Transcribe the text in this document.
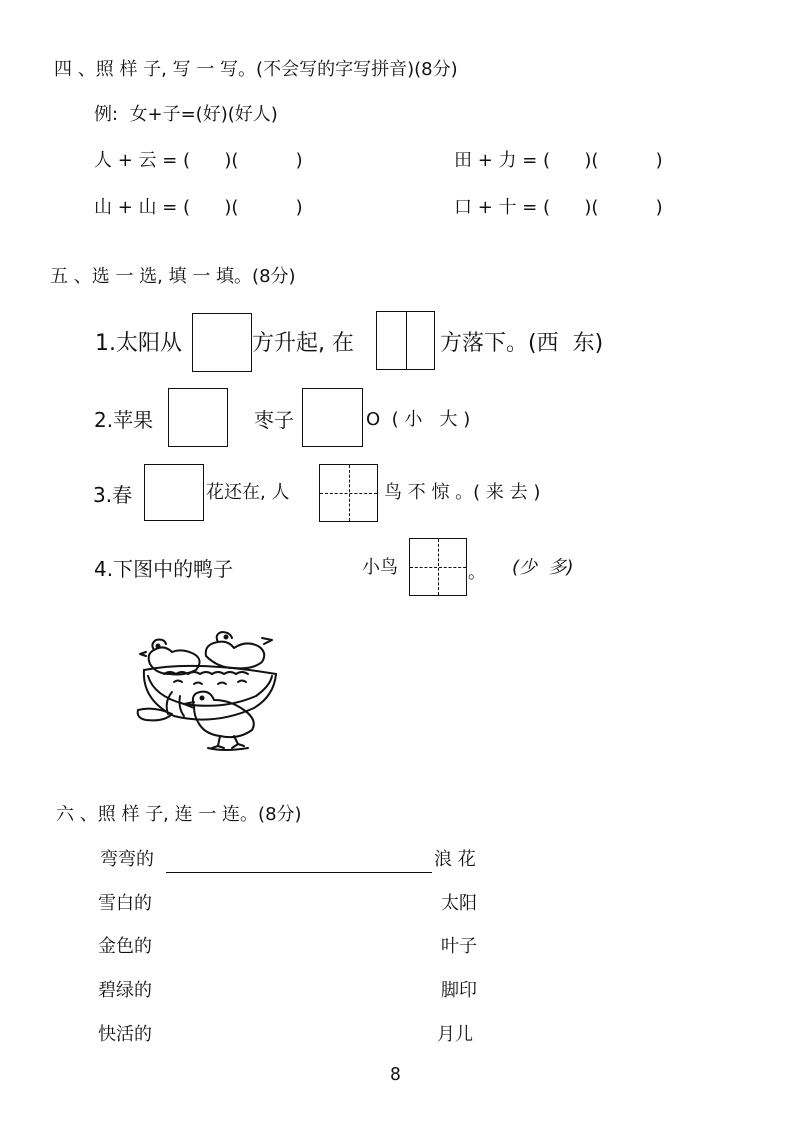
四 、照 样 子, 写 一 写。(不会写的字写拼音)(8分)
例:  女+子=(好)(好人)
人 + 云 = (      )(          )	田 + 力 = (      )(          )
山 + 山 = (      )(          )	口 + 十 = (      )(          )
五 、选 一 选, 填 一 填。(8分)
1.太阳从	方升起, 在	方落下。(西  东)
2.苹果	枣子	O  ( 小   大 )
3.春	花还在, 人	鸟 不 惊 。( 来 去 )
4.下图中的鸭子	小鸟	。 (少  多)
六 、照 样 子, 连 一 连。(8分)
弯弯的	浪 花
雪白的	太阳
金色的	叶子
碧绿的	脚印
快活的	月儿
8
